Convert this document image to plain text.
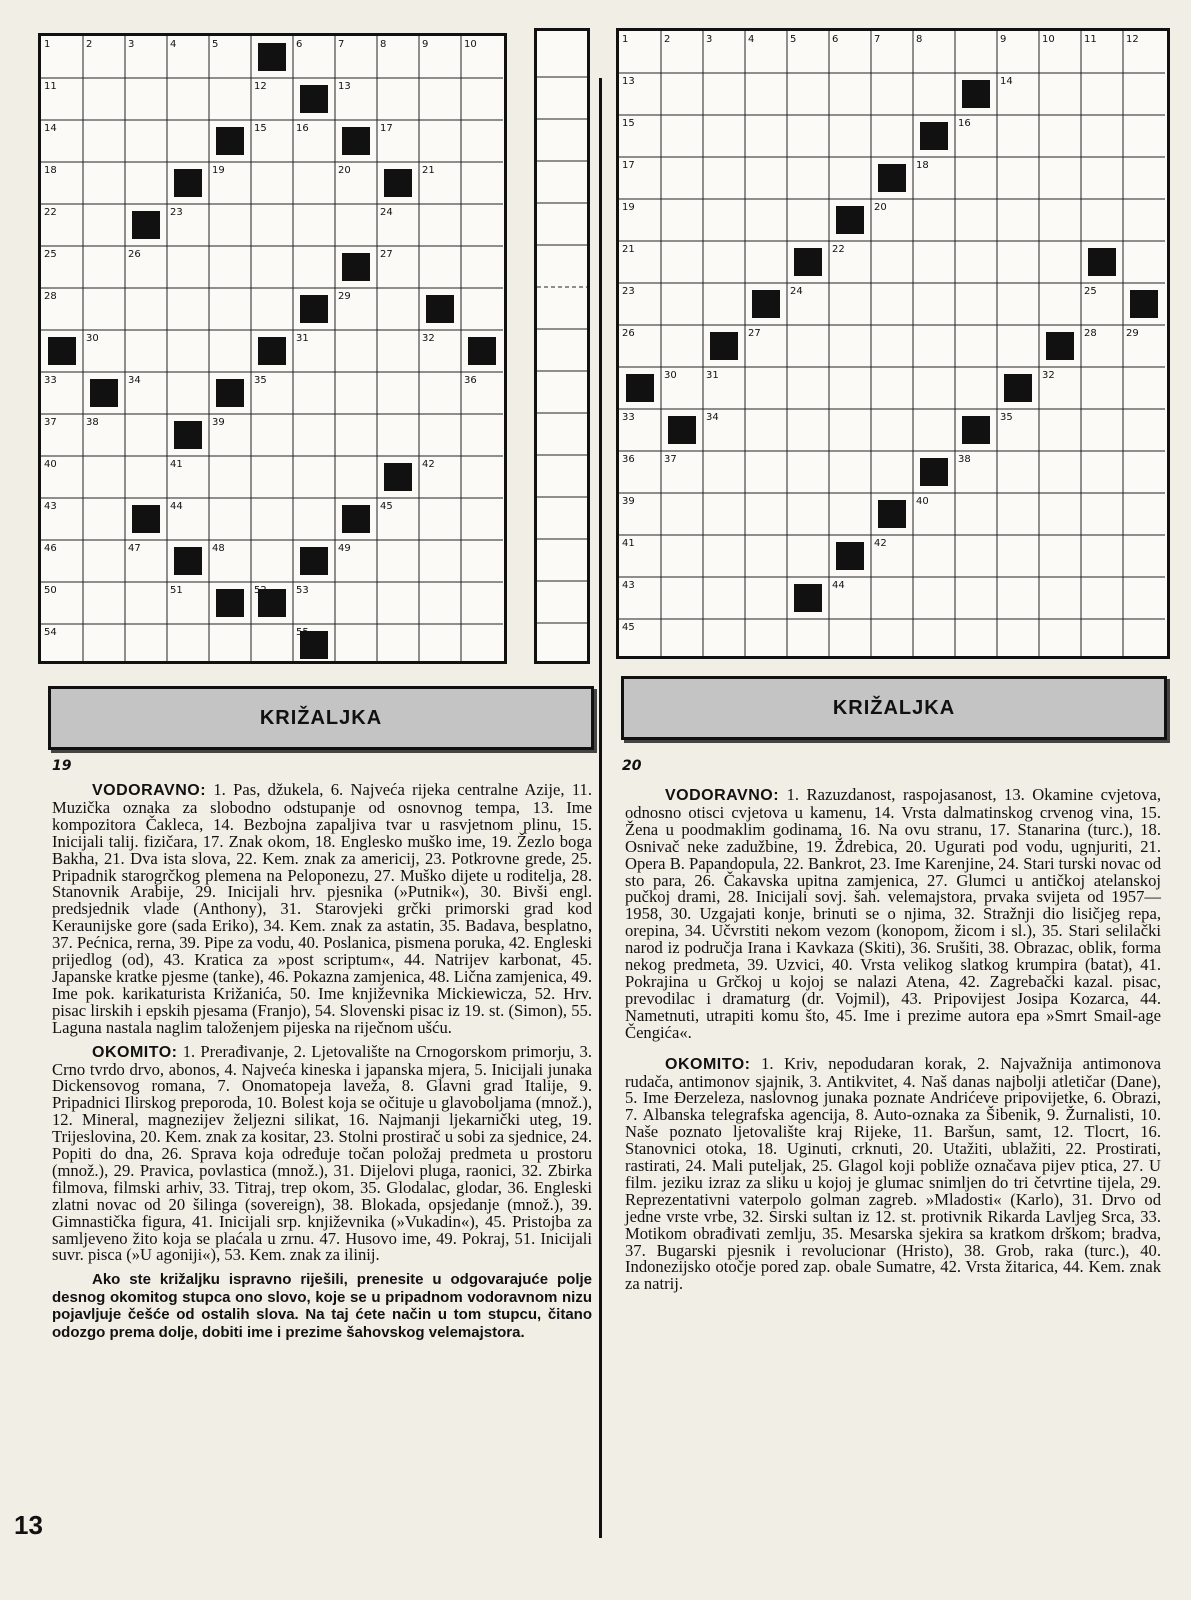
1	2	3	4	5	6	7	8	9	10
11	12	13
14	15	16	17
18	19	20	21
22	23	24
25	26	27
28	29
30	31	32
33	34	35	36
37	38	39
40	41	42
43	44	45
46	47	48	49
50	51	52	53
54	55
1	2	3	4	5	6	7	8	9	10	11	12
13	14
15	16
17	18
19	20
21	22
23	24	25
26	27	28	29
30	31	32
33	34	35
36	37	38
39	40
41	42
43	44
45
KRIŽALJKA	KRIŽALJKA
19	20

VODORAVNO: 1. Pas, džukela, 6. Najveća rijeka centralne Azije, 11. Muzička oznaka za slobodno odstupanje od osnovnog tempa, 13. Ime kompozitora Čakleca, 14. Bezbojna zapaljiva tvar u rasvjetnom plinu, 15. Inicijali talij. fizičara, 17. Znak okom, 18. Englesko muško ime, 19. Žezlo boga Bakha, 21. Dva ista slova, 22. Kem. znak za americij, 23. Potkrovne grede, 25. Pripadnik starogrčkog plemena na Peloponezu, 27. Muško dijete u roditelja, 28. Stanovnik Arabije, 29. Inicijali hrv. pjesnika (»Putnik«), 30. Bivši engl. predsjednik vlade (Anthony), 31. Starovjeki grčki primorski grad kod Keraunijske gore (sada Eriko), 34. Kem. znak za astatin, 35. Badava, besplatno, 37. Pećnica, rerna, 39. Pipe za vodu, 40. Poslanica, pismena poruka, 42. Engleski prijedlog (od), 43. Kratica za »post scriptum«, 44. Natrijev karbonat, 45. Japanske kratke pjesme (tanke), 46. Pokazna zamjenica, 48. Lična zamjenica, 49. Ime pok. karikaturista Križanića, 50. Ime književnika Mickiewicza, 52. Hrv. pisac lirskih i epskih pjesama (Franjo), 54. Slovenski pisac iz 19. st. (Simon), 55. Laguna nastala naglim taloženjem pijeska na riječnom ušću.

OKOMITO: 1. Prerađivanje, 2. Ljetovalište na Crnogorskom primorju, 3. Crno tvrdo drvo, abonos, 4. Najveća kineska i japanska mjera, 5. Inicijali junaka Dickensovog romana, 7. Onomatopeja laveža, 8. Glavni grad Italije, 9. Pripadnici Ilirskog preporoda, 10. Bolest koja se očituje u glavoboljama (množ.), 12. Mineral, magnezijev željezni silikat, 16. Najmanji ljekarnički uteg, 19. Trijeslovina, 20. Kem. znak za kositar, 23. Stolni prostirač u sobi za sjednice, 24. Popiti do dna, 26. Sprava koja određuje točan položaj predmeta u prostoru (množ.), 29. Pravica, povlastica (množ.), 31. Dijelovi pluga, raonici, 32. Zbirka filmova, filmski arhiv, 33. Titraj, trep okom, 35. Glodalac, glodar, 36. Engleski zlatni novac od 20 šilinga (sovereign), 38. Blokada, opsjedanje (množ.), 39. Gimnastička figura, 41. Inicijali srp. književnika (»Vukadin«), 45. Pristojba za samljeveno žito koja se plaćala u zrnu. 47. Husovo ime, 49. Pokraj, 51. Inicijali suvr. pisca (»U agoniji«), 53. Kem. znak za ilinij.

Ako ste križaljku ispravno riješili, prenesite u odgovarajuće polje desnog okomitog stupca ono slovo, koje se u pripadnom vodoravnom nizu pojavljuje češće od ostalih slova. Na taj ćete način u tom stupcu, čitano odozgo prema dolje, dobiti ime i prezime šahovskog velemajstora.

VODORAVNO: 1. Razuzdanost, raspojasanost, 13. Okamine cvjetova, odnosno otisci cvjetova u kamenu, 14. Vrsta dalmatinskog crvenog vina, 15. Žena u poodmaklim godinama, 16. Na ovu stranu, 17. Stanarina (turc.), 18. Osnivač neke zadužbine, 19. Ždrebica, 20. Ugurati pod vodu, ugnjuriti, 21. Opera B. Papandopula, 22. Bankrot, 23. Ime Karenjine, 24. Stari turski novac od sto para, 26. Čakavska upitna zamjenica, 27. Glumci u antičkoj atelanskoj pučkoj drami, 28. Inicijali sovj. šah. velemajstora, prvaka svijeta od 1957—1958, 30. Uzgajati konje, brinuti se o njima, 32. Stražnji dio lisičjeg repa, orepina, 34. Učvrstiti nekom vezom (konopom, žicom i sl.), 35. Stari selilački narod iz područja Irana i Kavkaza (Skiti), 36. Srušiti, 38. Obrazac, oblik, forma nekog predmeta, 39. Uzvici, 40. Vrsta velikog slatkog krumpira (batat), 41. Pokrajina u Grčkoj u kojoj se nalazi Atena, 42. Zagrebački kazal. pisac, prevodilac i dramaturg (dr. Vojmil), 43. Pripovijest Josipa Kozarca, 44. Nametnuti, utrapiti komu što, 45. Ime i prezime autora epa »Smrt Smail-age Čengića«.

OKOMITO: 1. Kriv, nepodudaran korak, 2. Najvažnija antimonova rudača, antimonov sjajnik, 3. Antikvitet, 4. Naš danas najbolji atletičar (Dane), 5. Ime Đerzeleza, naslovnog junaka poznate Andrićeve pripovijetke, 6. Obrazi, 7. Albanska telegrafska agencija, 8. Auto-oznaka za Šibenik, 9. Žurnalisti, 10. Naše poznato ljetovalište kraj Rijeke, 11. Baršun, samt, 12. Tlocrt, 16. Stanovnici otoka, 18. Uginuti, crknuti, 20. Utažiti, ublažiti, 22. Prostirati, rastirati, 24. Mali puteljak, 25. Glagol koji pobliže označava pijev ptica, 27. U film. jeziku izraz za sliku u kojoj je glumac snimljen do tri četvrtine tijela, 29. Reprezentativni vaterpolo golman zagreb. »Mladosti« (Karlo), 31. Drvo od jedne vrste vrbe, 32. Sirski sultan iz 12. st. protivnik Rikarda Lavljeg Srca, 33. Motikom obrađivati zemlju, 35. Mesarska sjekira sa kratkom drškom; bradva, 37. Bugarski pjesnik i revolucionar (Hristo), 38. Grob, raka (turc.), 40. Indonezijsko otočje pored zap. obale Sumatre, 42. Vrsta žitarica, 44. Kem. znak za natrij.

13
